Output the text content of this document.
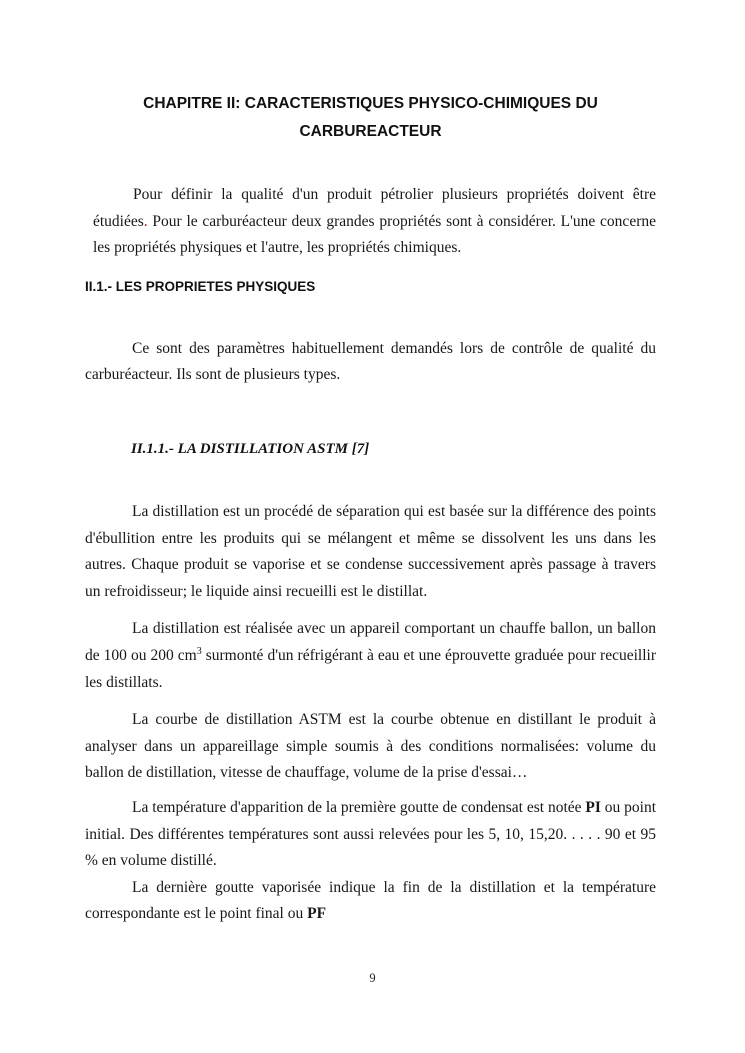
CHAPITRE II: CARACTERISTIQUES PHYSICO-CHIMIQUES DU
CARBUREACTEUR

Pour définir la qualité d'un produit pétrolier plusieurs propriétés doivent être étudiées. Pour le carburéacteur deux grandes propriétés sont à considérer. L'une concerne les propriétés physiques et l'autre, les propriétés chimiques.

II.1.- LES PROPRIETES PHYSIQUES

Ce sont des paramètres habituellement demandés lors de contrôle de qualité du carburéacteur. Ils sont de plusieurs types.

II.1.1.- LA DISTILLATION ASTM [7]

La distillation est un procédé de séparation qui est basée sur la différence des points d'ébullition entre les produits qui se mélangent et même se dissolvent les uns dans les autres. Chaque produit se vaporise et se condense successivement après passage à travers un refroidisseur; le liquide ainsi recueilli est le distillat.

La distillation est réalisée avec un appareil comportant un chauffe ballon, un ballon de 100 ou 200 $cm^3$ surmonté d'un réfrigérant à eau et une éprouvette graduée pour recueillir les distillats.

La courbe de distillation ASTM est la courbe obtenue en distillant le produit à analyser dans un appareillage simple soumis à des conditions normalisées: volume du ballon de distillation, vitesse de chauffage, volume de la prise d'essai…

La température d'apparition de la première goutte de condensat est notée PI ou point initial. Des différentes températures sont aussi relevées pour les 5, 10, 15,20. . . . . 90 et 95 % en volume distillé.

La dernière goutte vaporisée indique la fin de la distillation et la température correspondante est le point final ou PF

9
